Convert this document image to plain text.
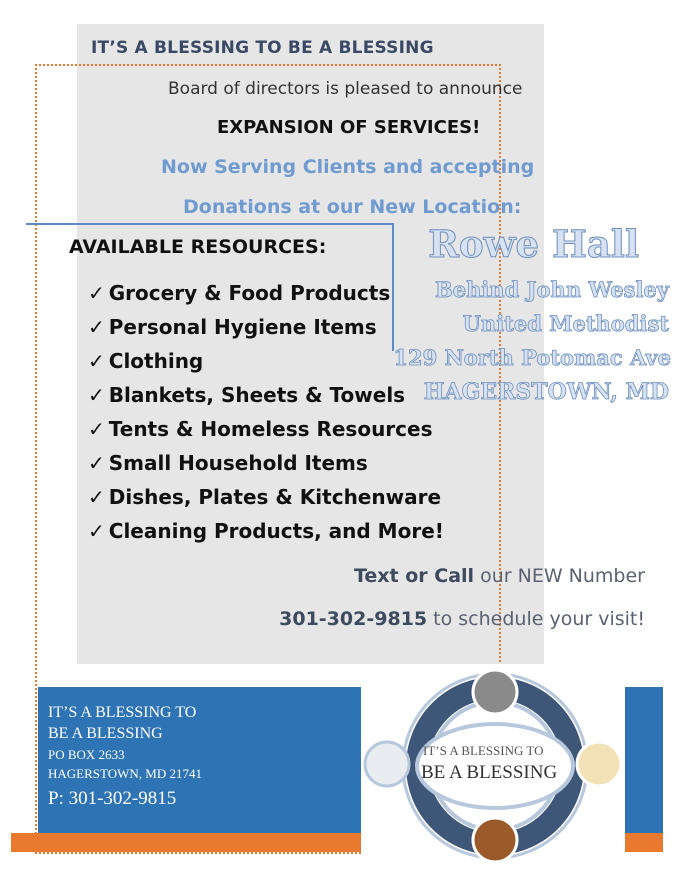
IT’S A BLESSING TO BE A BLESSING
Board of directors is pleased to announce
EXPANSION OF SERVICES!
Now Serving Clients and accepting
Donations at our New Location:
AVAILABLE RESOURCES:
✓ Grocery & Food Products
✓ Personal Hygiene Items
✓ Clothing
✓ Blankets, Sheets & Towels
✓ Tents & Homeless Resources
✓ Small Household Items
✓ Dishes, Plates & Kitchenware
✓ Cleaning Products, and More!
Rowe Hall
Behind John Wesley
United Methodist
129 North Potomac Ave
HAGERSTOWN, MD
Text or Call our NEW Number
301-302-9815 to schedule your visit!
IT’S A BLESSING TO
BE A BLESSING
PO BOX 2633
HAGERSTOWN, MD 21741
P: 301-302-9815
IT’S A BLESSING TO
BE A BLESSING
